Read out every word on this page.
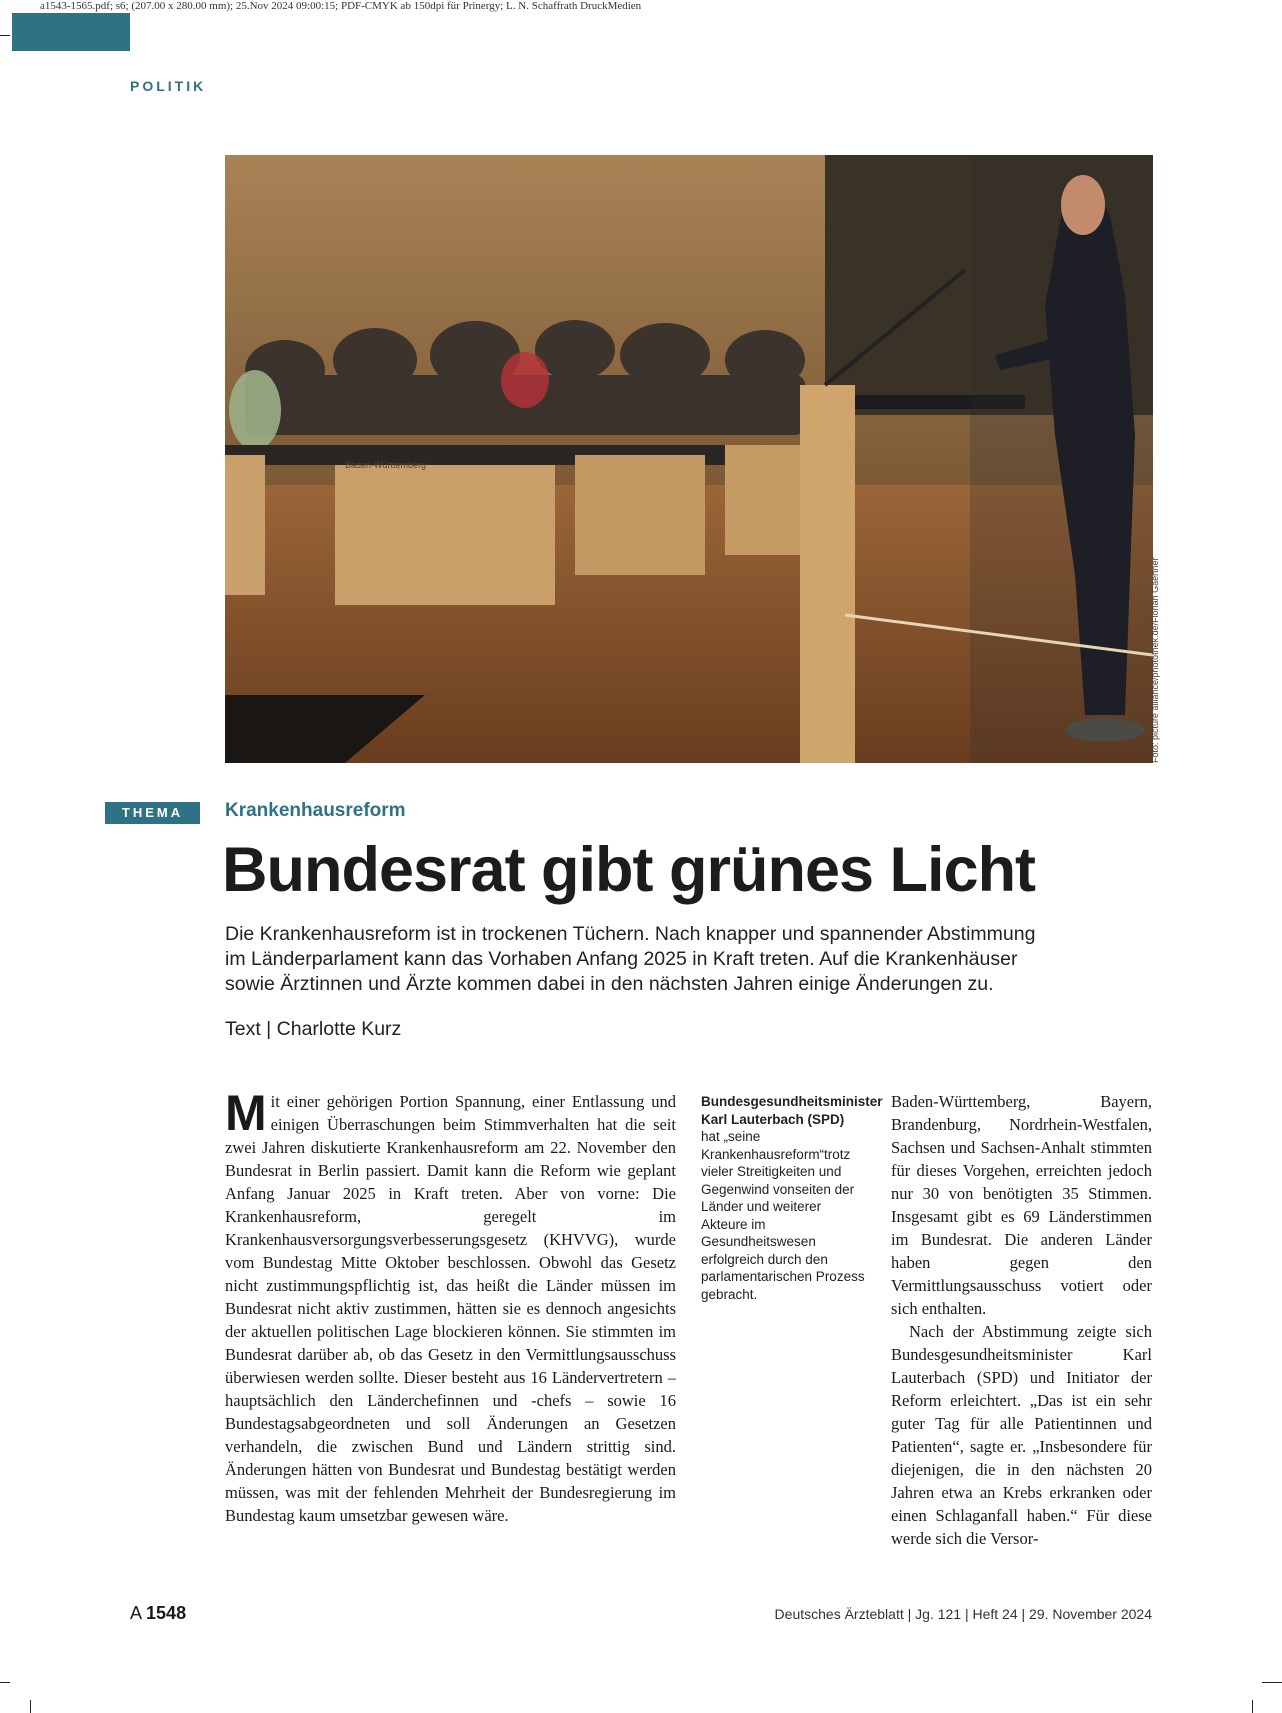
a1543-1565.pdf; s6; (207.00 x 280.00 mm); 25.Nov 2024 09:00:15; PDF-CMYK ab 150dpi für Prinergy; L. N. Schaffrath DruckMedien
POLITIK
Baden-Württemberg
Foto: picture alliance/photothek.de/Florian Gaertner
THEMA	Krankenhausreform
Bundesrat gibt grünes Licht
Die Krankenhausreform ist in trockenen Tüchern. Nach knapper und spannender Abstimmung im Länderparlament kann das Vorhaben Anfang 2025 in Kraft treten. Auf die Krankenhäuser sowie Ärztinnen und Ärzte kommen dabei in den nächsten Jahren einige Änderungen zu.
Text | Charlotte Kurz
Mit einer gehörigen Portion Spannung, einer Entlassung und einigen Überraschungen beim Stimmverhalten hat die seit zwei Jahren diskutierte Krankenhausreform am 22. November den Bundesrat in Berlin passiert. Damit kann die Reform wie geplant Anfang Januar 2025 in Kraft treten. Aber von vorne: Die Krankenhausreform, geregelt im Krankenhausversorgungsverbesserungsgesetz (KHVVG), wurde vom Bundestag Mitte Oktober beschlossen. Obwohl das Gesetz nicht zustimmungspflichtig ist, das heißt die Länder müssen im Bundesrat nicht aktiv zustimmen, hätten sie es dennoch angesichts der aktuellen politischen Lage blockieren können. Sie stimmten im Bundesrat darüber ab, ob das Gesetz in den Vermittlungsausschuss überwiesen werden sollte. Dieser besteht aus 16 Ländervertretern – hauptsächlich den Länderchefinnen und -chefs – sowie 16 Bundestagsabgeordneten und soll Änderungen an Gesetzen verhandeln, die zwischen Bund und Ländern strittig sind. Änderungen hätten von Bundesrat und Bundestag bestätigt werden müssen, was mit der fehlenden Mehrheit der Bundesregierung im Bundestag kaum umsetzbar gewesen wäre.
Bundesgesundheitsminister Karl Lauterbach (SPD) hat „seine Krankenhausreform“trotz vieler Streitigkeiten und Gegenwind vonseiten der Länder und weiterer Akteure im Gesundheitswesen erfolgreich durch den parlamentarischen Prozess gebracht.

Baden-Württemberg, Bayern, Brandenburg, Nordrhein-Westfalen, Sachsen und Sachsen-Anhalt stimmten für dieses Vorgehen, erreichten jedoch nur 30 von benötigten 35 Stimmen. Insgesamt gibt es 69 Länderstimmen im Bundesrat. Die anderen Länder haben gegen den Vermittlungsausschuss votiert oder sich enthalten.

Nach der Abstimmung zeigte sich Bundesgesundheitsminister Karl Lauterbach (SPD) und Initiator der Reform erleichtert. „Das ist ein sehr guter Tag für alle Patientinnen und Patienten“, sagte er. „Insbesondere für diejenigen, die in den nächsten 20 Jahren etwa an Krebs erkranken oder einen Schlaganfall haben.“ Für diese werde sich die Versor-

A 1548	Deutsches Ärzteblatt | Jg. 121 | Heft 24 | 29. November 2024
